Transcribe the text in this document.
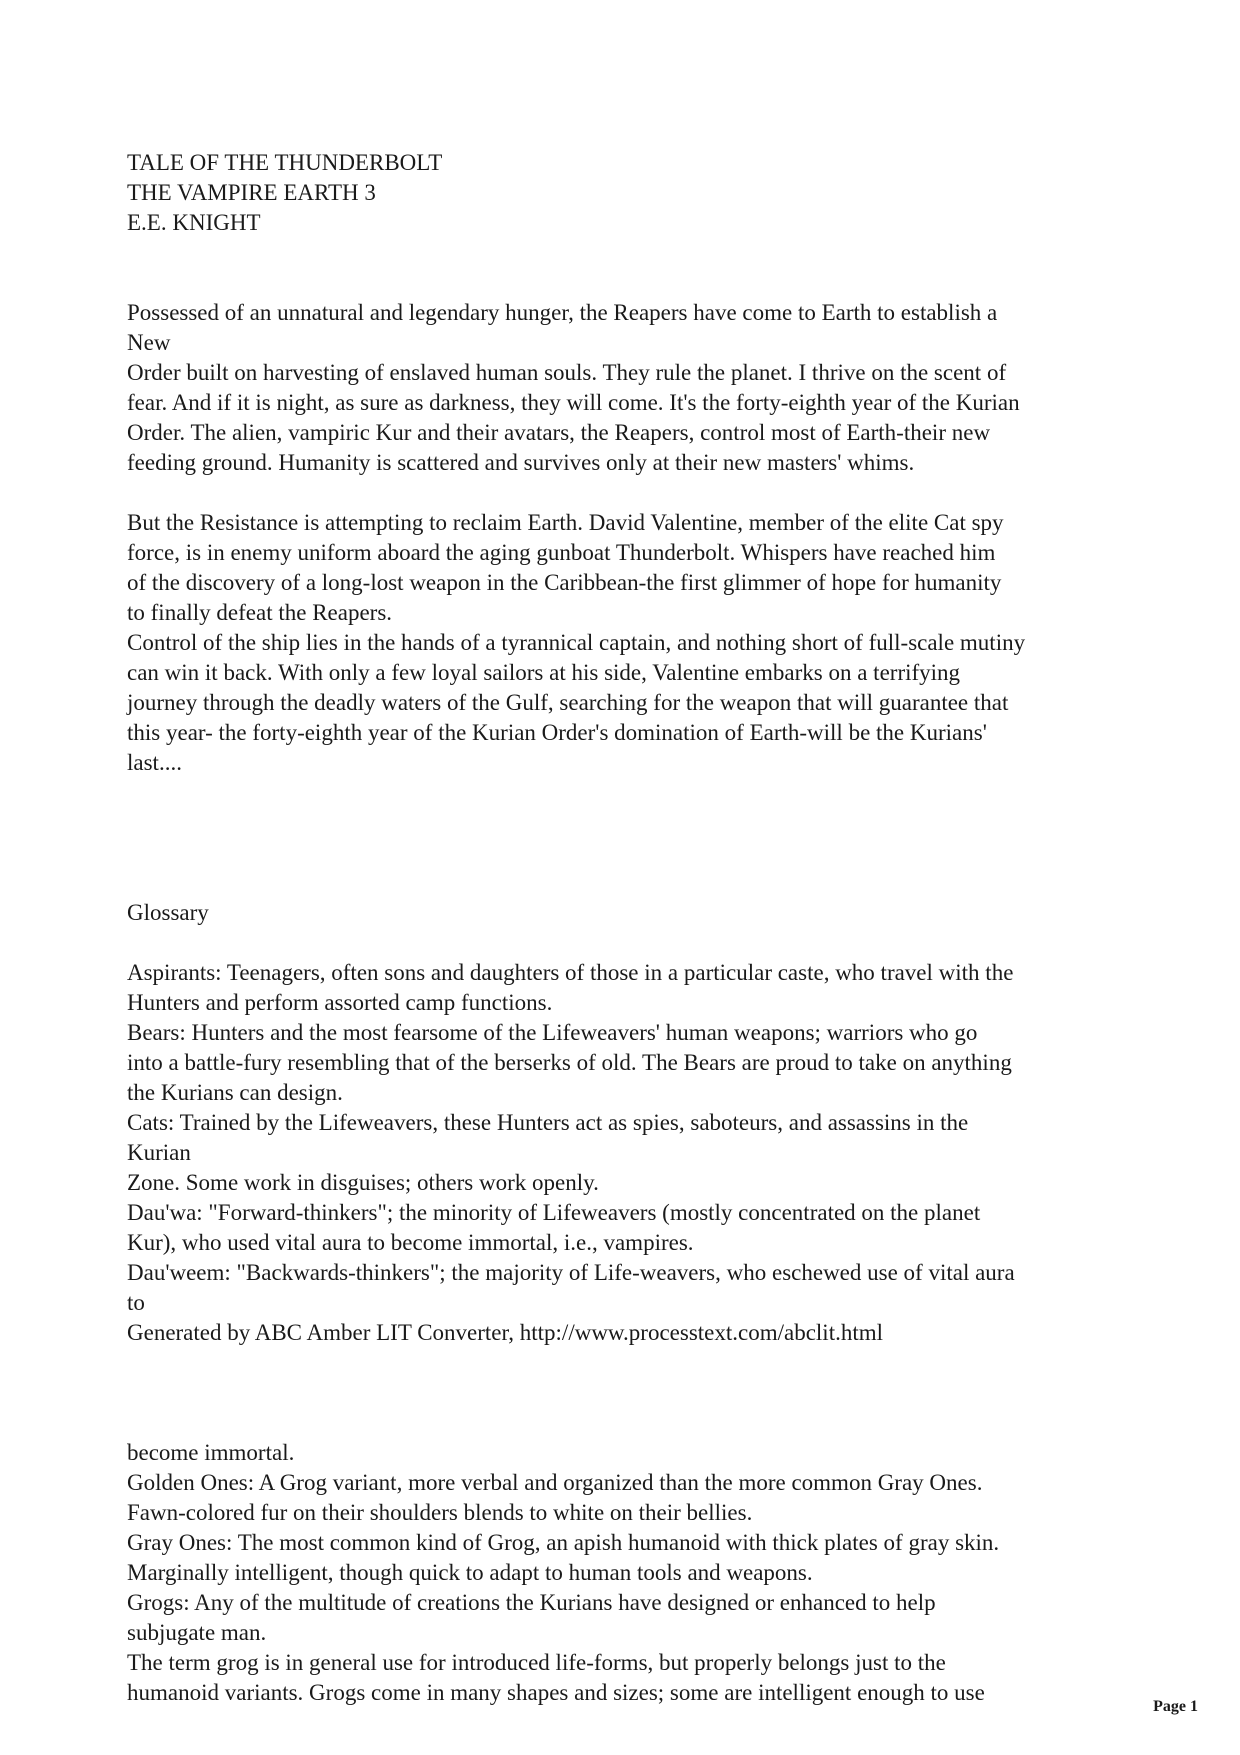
TALE OF THE THUNDERBOLT
THE VAMPIRE EARTH 3
E.E. KNIGHT
Possessed of an unnatural and legendary hunger, the Reapers have come to Earth to establish a
New
Order built on harvesting of enslaved human souls. They rule the planet. I thrive on the scent of
fear. And if it is night, as sure as darkness, they will come. It's the forty-eighth year of the Kurian
Order. The alien, vampiric Kur and their avatars, the Reapers, control most of Earth-their new
feeding ground. Humanity is scattered and survives only at their new masters' whims.
But the Resistance is attempting to reclaim Earth. David Valentine, member of the elite Cat spy
force, is in enemy uniform aboard the aging gunboat Thunderbolt. Whispers have reached him
of the discovery of a long-lost weapon in the Caribbean-the first glimmer of hope for humanity
to finally defeat the Reapers.
Control of the ship lies in the hands of a tyrannical captain, and nothing short of full-scale mutiny
can win it back. With only a few loyal sailors at his side, Valentine embarks on a terrifying
journey through the deadly waters of the Gulf, searching for the weapon that will guarantee that
this year- the forty-eighth year of the Kurian Order's domination of Earth-will be the Kurians'
last....
Glossary
Aspirants: Teenagers, often sons and daughters of those in a particular caste, who travel with the
Hunters and perform assorted camp functions.
Bears: Hunters and the most fearsome of the Lifeweavers' human weapons; warriors who go
into a battle-fury resembling that of the berserks of old. The Bears are proud to take on anything
the Kurians can design.
Cats: Trained by the Lifeweavers, these Hunters act as spies, saboteurs, and assassins in the
Kurian
Zone. Some work in disguises; others work openly.
Dau'wa: "Forward-thinkers"; the minority of Lifeweavers (mostly concentrated on the planet
Kur), who used vital aura to become immortal, i.e., vampires.
Dau'weem: "Backwards-thinkers"; the majority of Life-weavers, who eschewed use of vital aura
to
Generated by ABC Amber LIT Converter, http://www.processtext.com/abclit.html
become immortal.
Golden Ones: A Grog variant, more verbal and organized than the more common Gray Ones.
Fawn-colored fur on their shoulders blends to white on their bellies.
Gray Ones: The most common kind of Grog, an apish humanoid with thick plates of gray skin.
Marginally intelligent, though quick to adapt to human tools and weapons.
Grogs: Any of the multitude of creations the Kurians have designed or enhanced to help
subjugate man.
The term grog is in general use for introduced life-forms, but properly belongs just to the
humanoid variants. Grogs come in many shapes and sizes; some are intelligent enough to use
Page 1
